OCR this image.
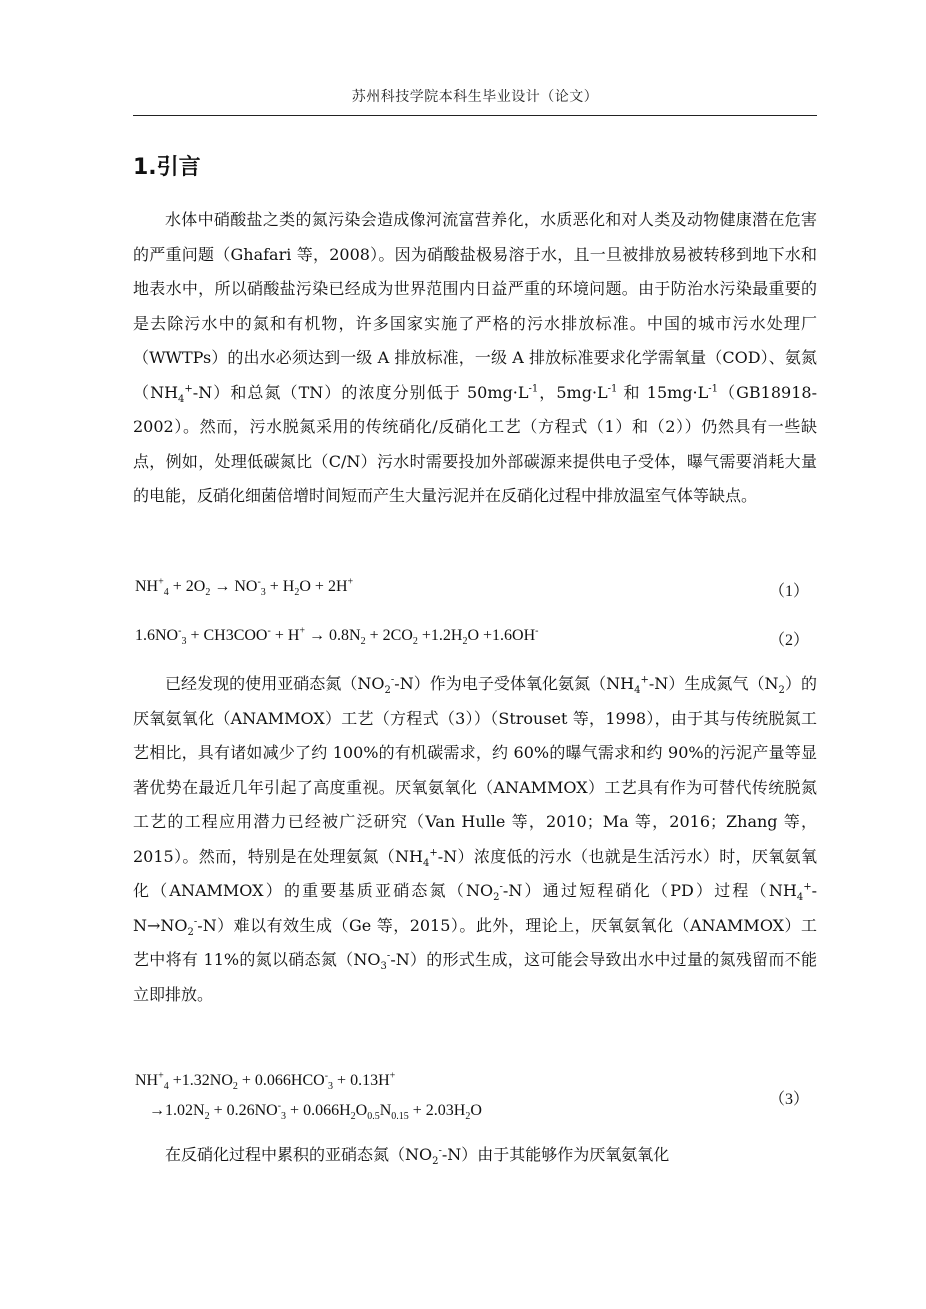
苏州科技学院本科生毕业设计（论文）
1.引言

水体中硝酸盐之类的氮污染会造成像河流富营养化，水质恶化和对人类及动物健康潜在危害的严重问题（Ghafari 等，2008）。因为硝酸盐极易溶于水，且一旦被排放易被转移到地下水和地表水中，所以硝酸盐污染已经成为世界范围内日益严重的环境问题。由于防治水污染最重要的是去除污水中的氮和有机物，许多国家实施了严格的污水排放标准。中国的城市污水处理厂（WWTPs）的出水必须达到一级 A 排放标准，一级 A 排放标准要求化学需氧量（COD）、氨氮$(NH_4^+-N)$和总氮（TN）的浓度分别低于 $50mg\cdot L^{-1}$，$5mg\cdot L^{-1}$ 和 $15mg\cdot L^{-1}(GB18918-2002)$。然而，污水脱氮采用的传统硝化/反硝化工艺（方程式（1）和（2））仍然具有一些缺点，例如，处理低碳氮比（C/N）污水时需要投加外部碳源来提供电子受体，曝气需要消耗大量的电能，反硝化细菌倍增时间短而产生大量污泥并在反硝化过程中排放温室气体等缺点。

$NH^+_4 + 2O_2 \to NO^-_3 + H_2O + 2H^+$
（1）
$1.6NO^-_3 + CH3COO^- + H^+ \to 0.8N_2 + 2CO_2 +1.2H_2O +1.6OH^-$
（2）

已经发现的使用亚硝态氮$(NO_2^--N)$作为电子受体氧化氨氮$(NH_4^+-N)$生成氮气$(N_2)$的厌氧氨氧化（ANAMMOX）工艺（方程式（3））（Strouset 等，1998），由于其与传统脱氮工艺相比，具有诸如减少了约 100%的有机碳需求，约 60%的曝气需求和约 90%的污泥产量等显著优势在最近几年引起了高度重视。厌氧氨氧化（ANAMMOX）工艺具有作为可替代传统脱氮工艺的工程应用潜力已经被广泛研究（Van Hulle 等，2010；Ma 等，2016；Zhang 等，2015）。然而，特别是在处理氨氮$(NH_4^+-N)$浓度低的污水（也就是生活污水）时，厌氧氨氧化（ANAMMOX）的重要基质亚硝态氮$(NO_2^--N)$通过短程硝化（PD）过程$(NH_4^+-N\to NO_2^--N)$难以有效生成（Ge 等，2015）。此外，理论上，厌氧氨氧化（ANAMMOX）工艺中将有 11%的氮以硝态氮$(NO_3^--N)$的形式生成，这可能会导致出水中过量的氮残留而不能立即排放。

$NH^+_4 +1.32NO_2 + 0.066HCO^-_3 + 0.13H^+$
$\to 1.02N_2 + 0.26NO^-_3 + 0.066H_2O_{0.5}N_{0.15} + 2.03H_2O$
（3）

在反硝化过程中累积的亚硝态氮$(NO_2^--N)$由于其能够作为厌氧氨氧化
